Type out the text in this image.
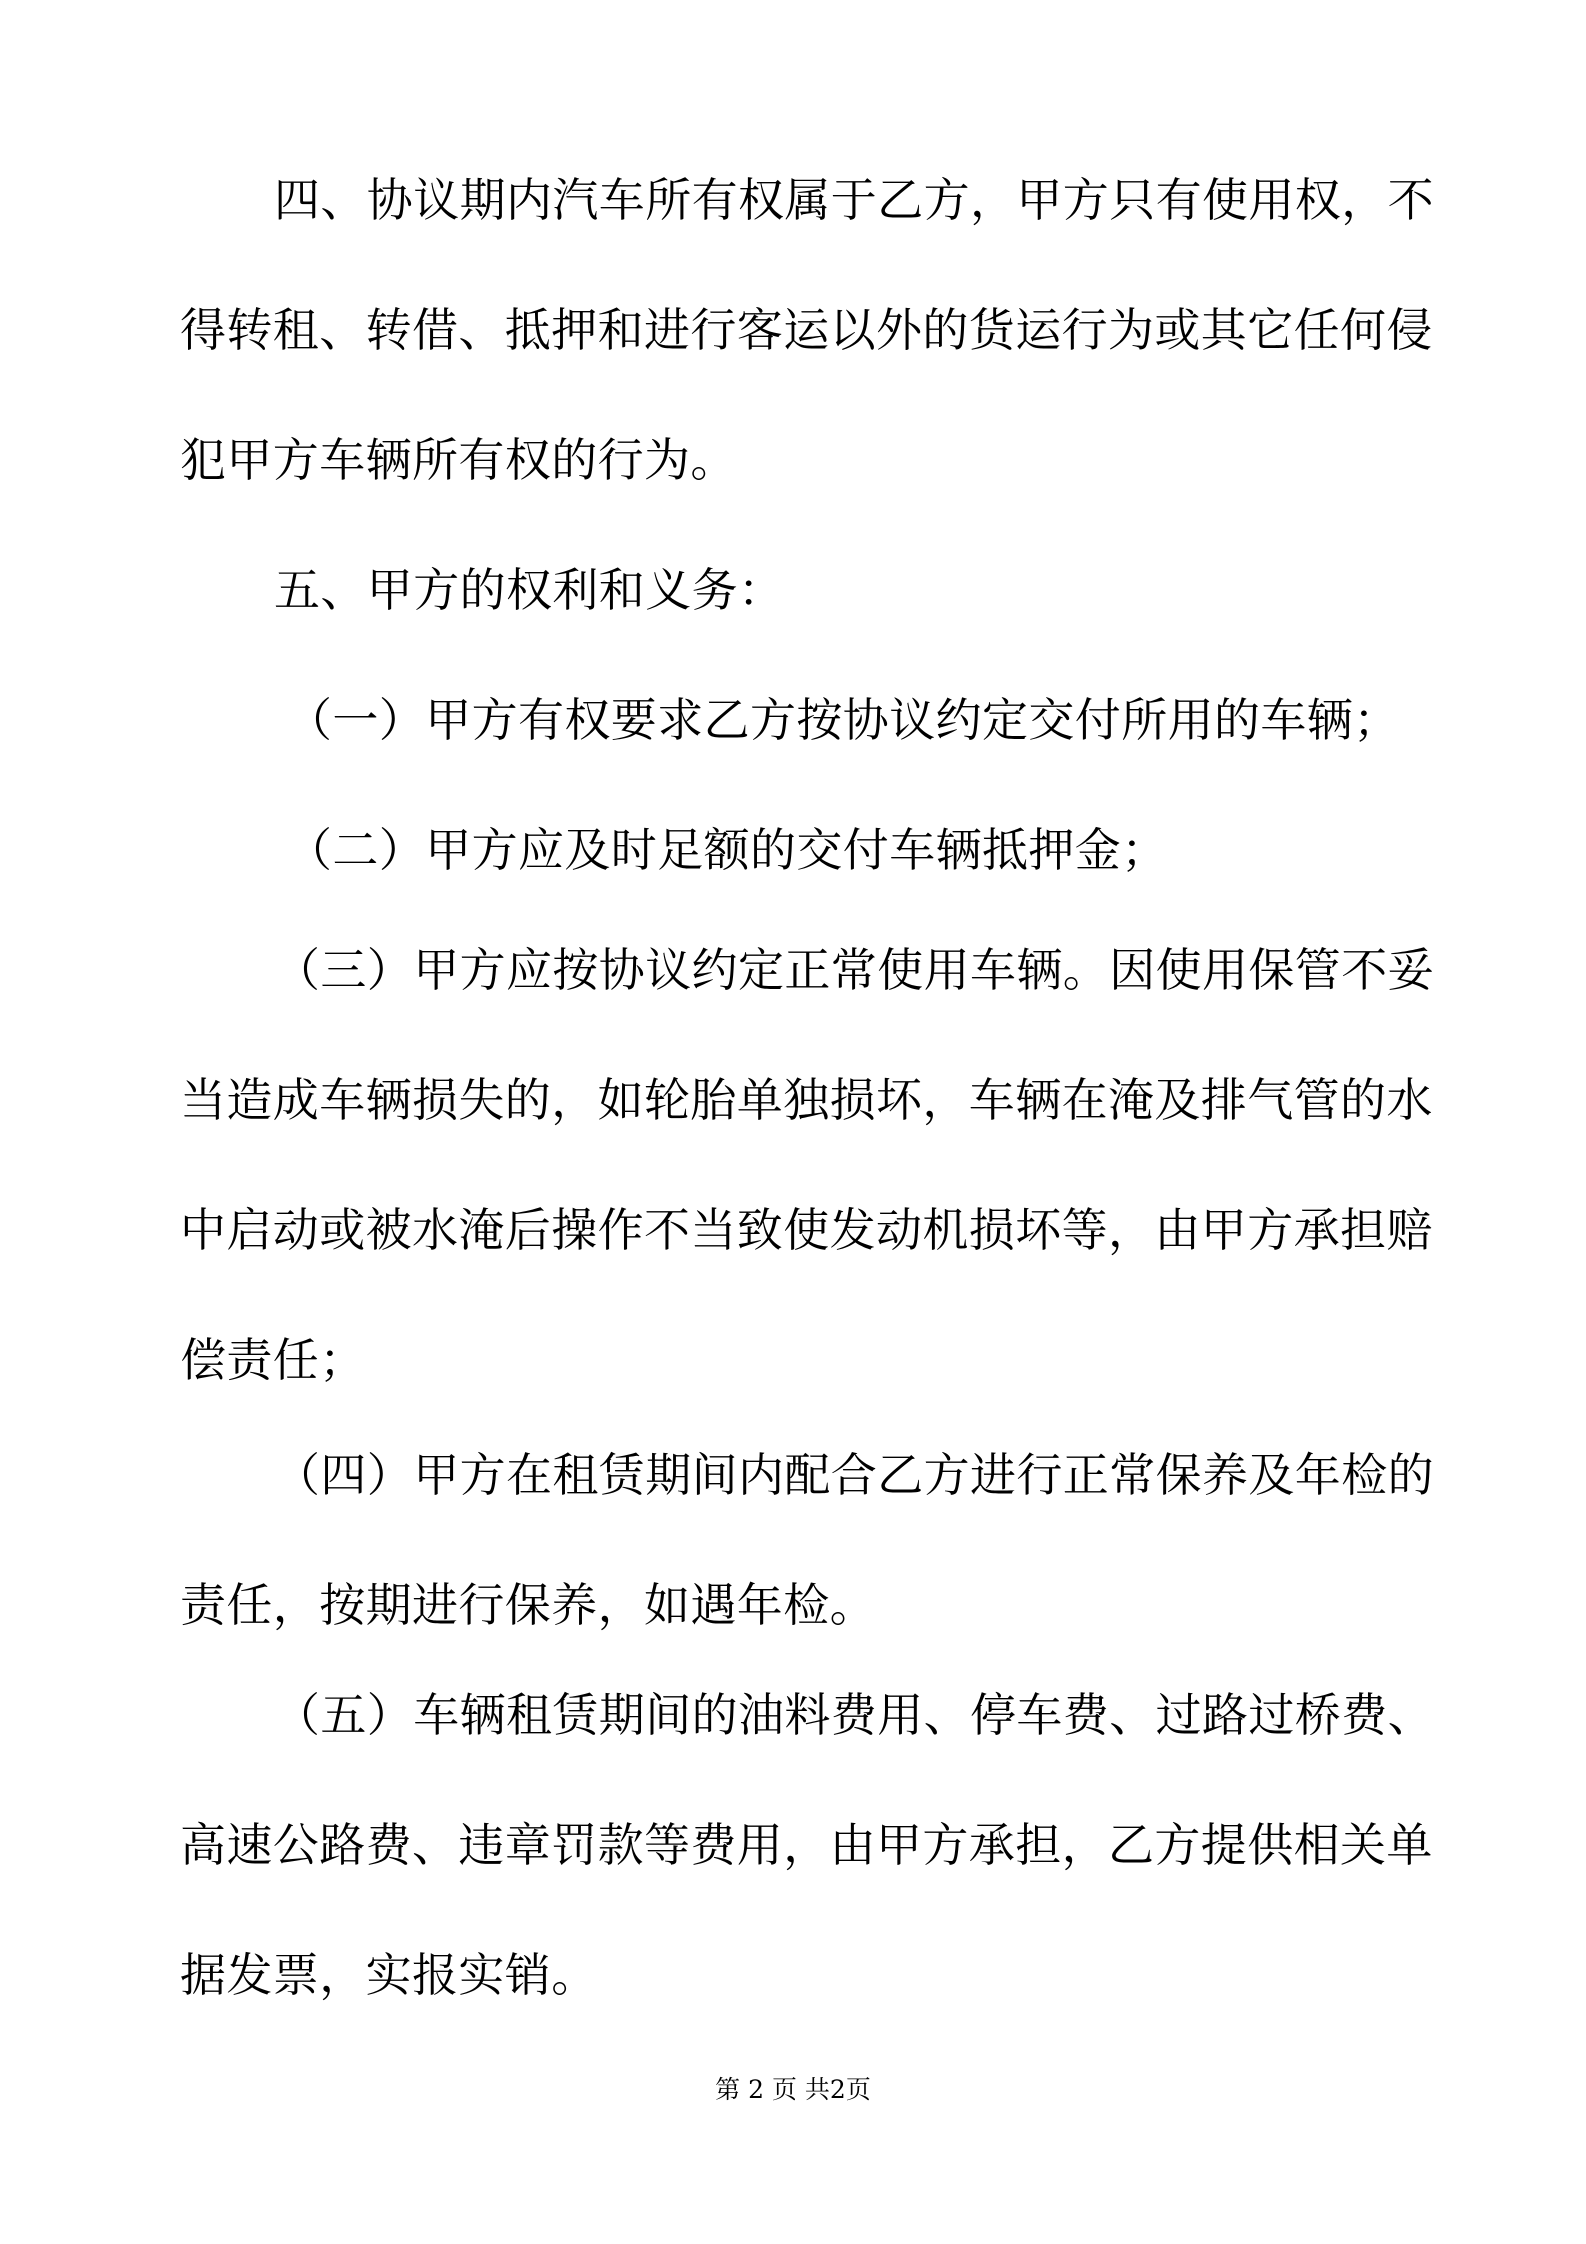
四、协议期内汽车所有权属于乙方，甲方只有使用权，不得转租、转借、抵押和进行客运以外的货运行为或其它任何侵犯甲方车辆所有权的行为。

五、甲方的权利和义务：

（一）甲方有权要求乙方按协议约定交付所用的车辆；

（二）甲方应及时足额的交付车辆抵押金；

（三）甲方应按协议约定正常使用车辆。因使用保管不妥当造成车辆损失的，如轮胎单独损坏，车辆在淹及排气管的水中启动或被水淹后操作不当致使发动机损坏等，由甲方承担赔偿责任；

（四）甲方在租赁期间内配合乙方进行正常保养及年检的责任，按期进行保养，如遇年检。

（五）车辆租赁期间的油料费用、停车费、过路过桥费、高速公路费、违章罚款等费用，由甲方承担，乙方提供相关单据发票，实报实销。

第 2 页 共2页
